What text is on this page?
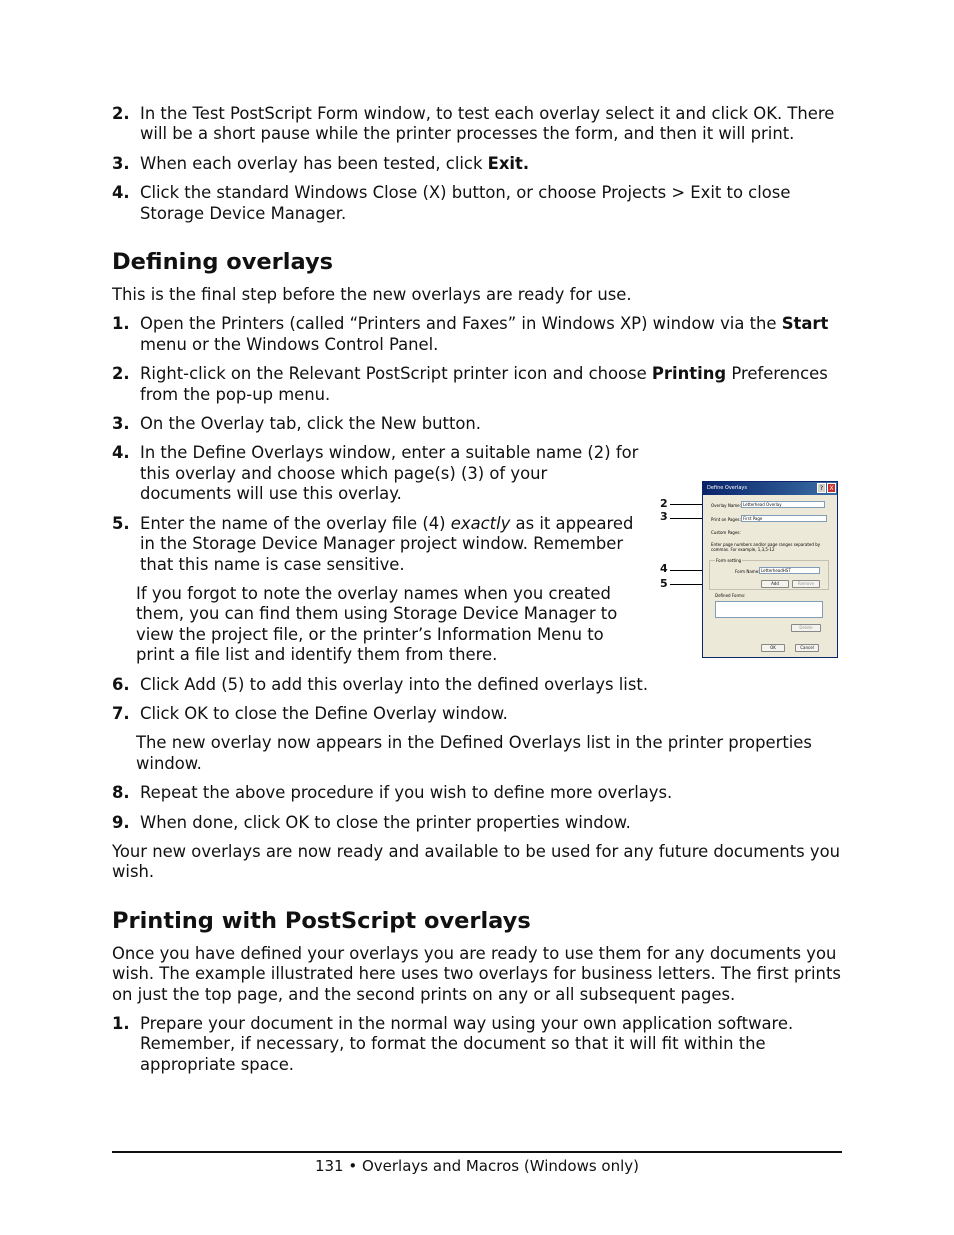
2. In the Test PostScript Form window, to test each overlay select it and click OK. There will be a short pause while the printer processes the form, and then it will print.

3. When each overlay has been tested, click Exit.

4. Click the standard Windows Close (X) button, or choose Projects > Exit to close Storage Device Manager.

Defining overlays

This is the final step before the new overlays are ready for use.

1. Open the Printers (called “Printers and Faxes” in Windows XP) window via the Start menu or the Windows Control Panel.

2. Right-click on the Relevant PostScript printer icon and choose Printing Preferences from the pop-up menu.

3. On the Overlay tab, click the New button.

4. In the Define Overlays window, enter a suitable name (2) for this overlay and choose which page(s) (3) of your documents will use this overlay.

5. Enter the name of the overlay file (4) exactly as it appeared in the Storage Device Manager project window. Remember that this name is case sensitive.

If you forgot to note the overlay names when you created them, you can find them using Storage Device Manager to view the project file, or the printer’s Information Menu to print a file list and identify them from there.

6. Click Add (5) to add this overlay into the defined overlays list.

7. Click OK to close the Define Overlay window.

The new overlay now appears in the Defined Overlays list in the printer properties window.

8. Repeat the above procedure if you wish to define more overlays.

9. When done, click OK to close the printer properties window.

Your new overlays are now ready and available to be used for any future documents you wish.

Printing with PostScript overlays

Once you have defined your overlays you are ready to use them for any documents you wish. The example illustrated here uses two overlays for business letters. The first prints on just the top page, and the second prints on any or all subsequent pages.

1. Prepare your document in the normal way using your own application software. Remember, if necessary, to format the document so that it will fit within the appropriate space.

2
3
4
5
Define Overlays	?	X
Overlay Name: Letterhead Overlay
Print on Pages: First Page
Custom Pages:
Enter page numbers and/or page ranges separated by commas. For example, 1,3,5-12
Form setting
Form Name: LetterheadHST
Add	Remove
Defined Forms:
Delete
OK	Cancel
131 • Overlays and Macros (Windows only)
